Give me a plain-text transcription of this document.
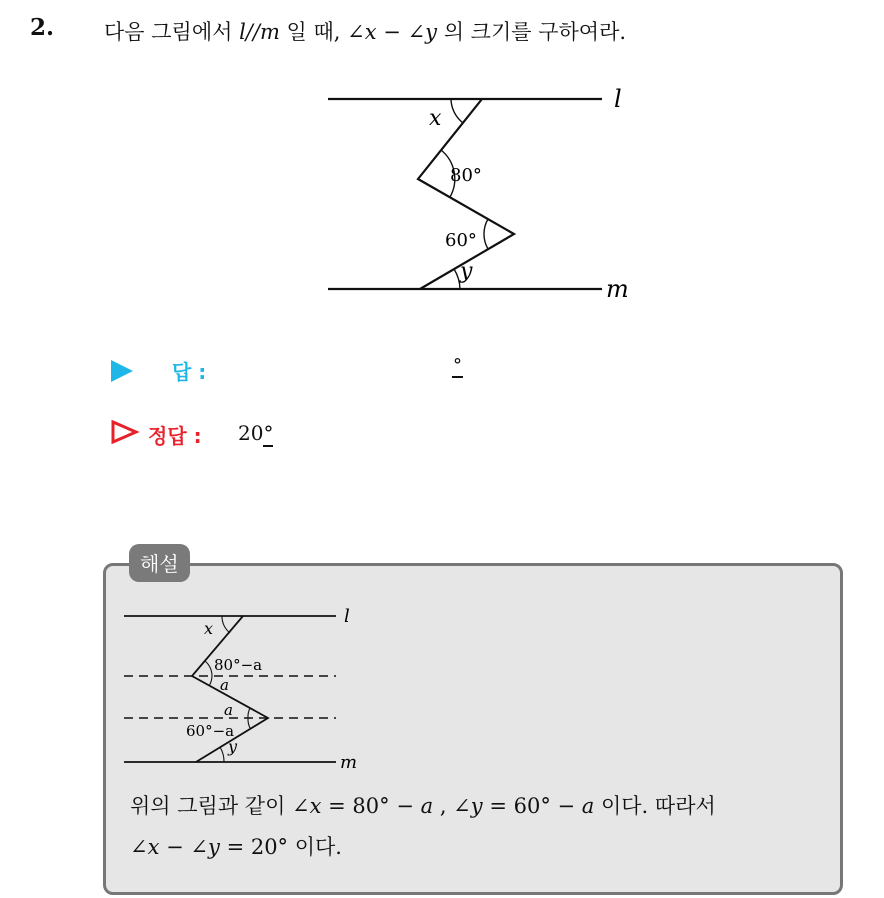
2. 다음 그림에서 l//m 일 때, ∠x − ∠y 의 크기를 구하여라.
l
m
x
80°
60°
y
답 :	°
정답 : 20°
해설
l
m
x
80°−a
a
a
60°−a
y
위의 그림과 같이 ∠x = 80° − a , ∠y = 60° − a 이다. 따라서
∠x − ∠y = 20° 이다.
